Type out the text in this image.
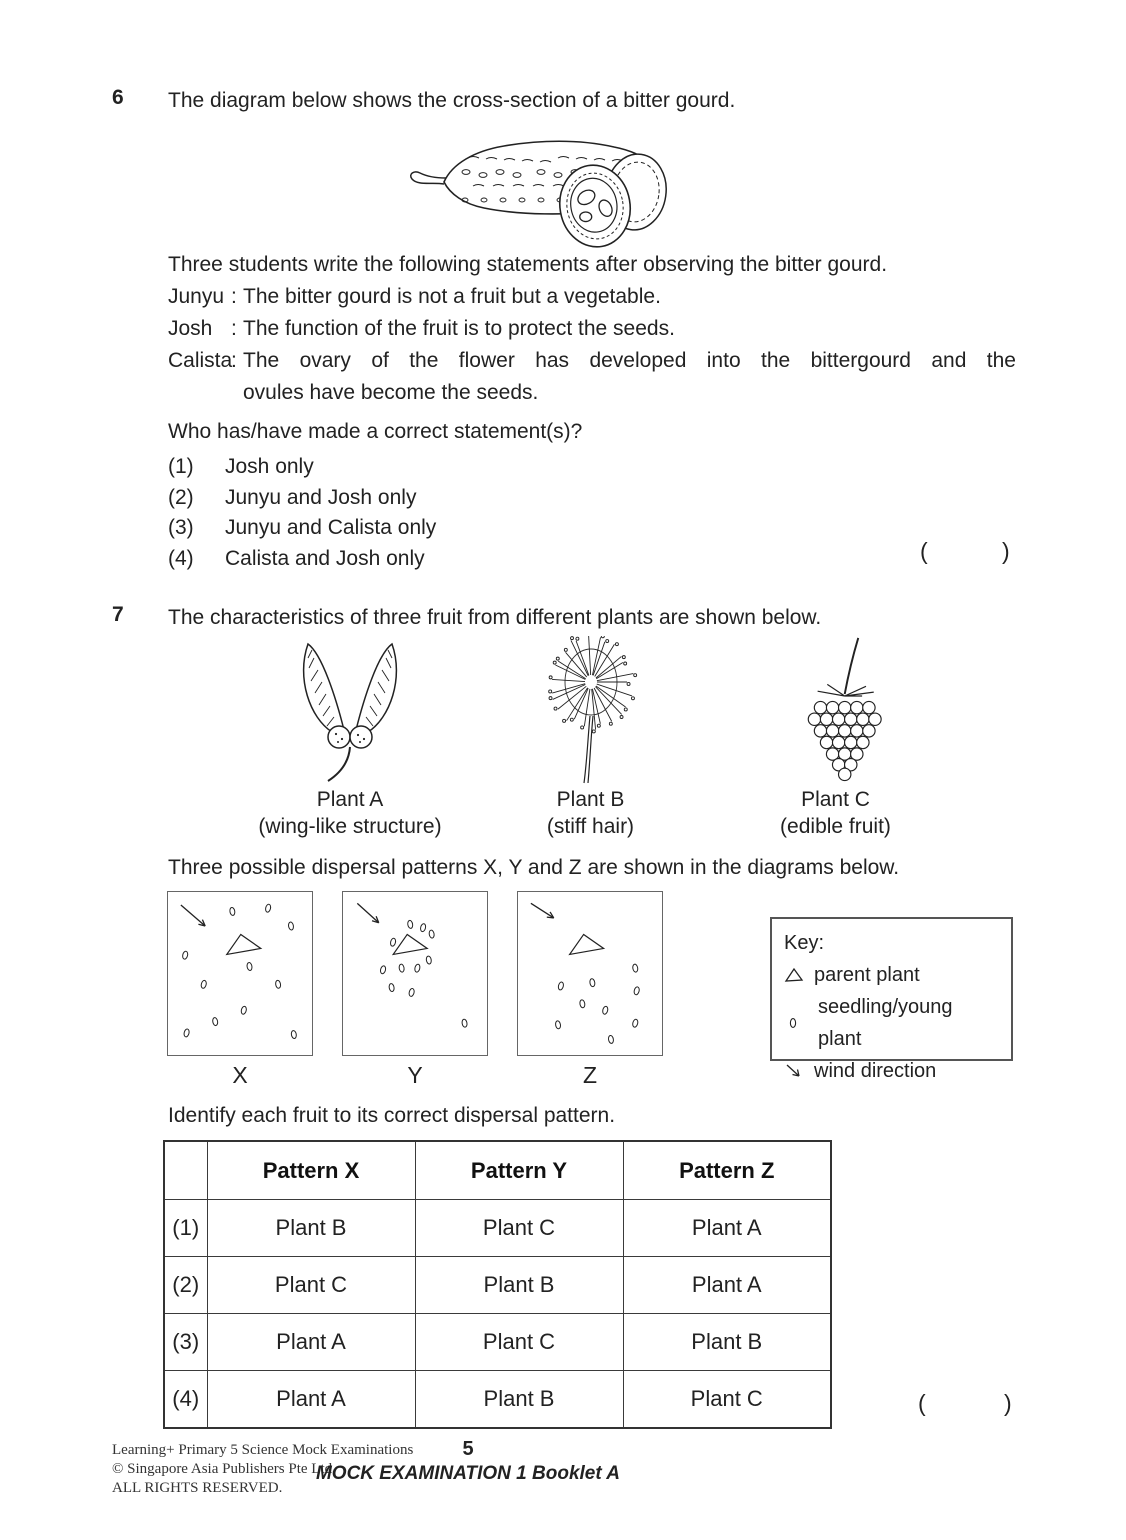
6	The diagram below shows the cross-section of a bitter gourd.
Three students write the following statements after observing the bitter gourd.
Junyu : The bitter gourd is not a fruit but a vegetable.
Josh : The function of the fruit is to protect the seeds.
Calista
: The ovary of the flower has developed into the bittergourd and the
ovules have become the seeds.
Who has/have made a correct statement(s)?
(1)	Josh only
(2)	Junyu and Josh only
(3)	Junyu and Calista only
(4)	Calista and Josh only	(	)
7	The characteristics of three fruit from different plants are shown below.
Plant A
(wing-like structure)
Plant B
(stiff hair)
Plant C
(edible fruit)
Three possible dispersal patterns X, Y and Z are shown in the diagrams below.
X	Y	Z
Key:
parent plant
seedling/young plant
wind direction
Identify each fruit to its correct dispersal pattern.
	Pattern X	Pattern Y	Pattern Z
(1)	Plant B	Plant C	Plant A
(2)	Plant C	Plant B	Plant A
(3)	Plant A	Plant C	Plant B
(4)	Plant A	Plant B	Plant C	(	)
Learning+ Primary 5 Science Mock Examinations
© Singapore Asia Publishers Pte Ltd
ALL RIGHTS RESERVED.
5
MOCK EXAMINATION 1 Booklet A
